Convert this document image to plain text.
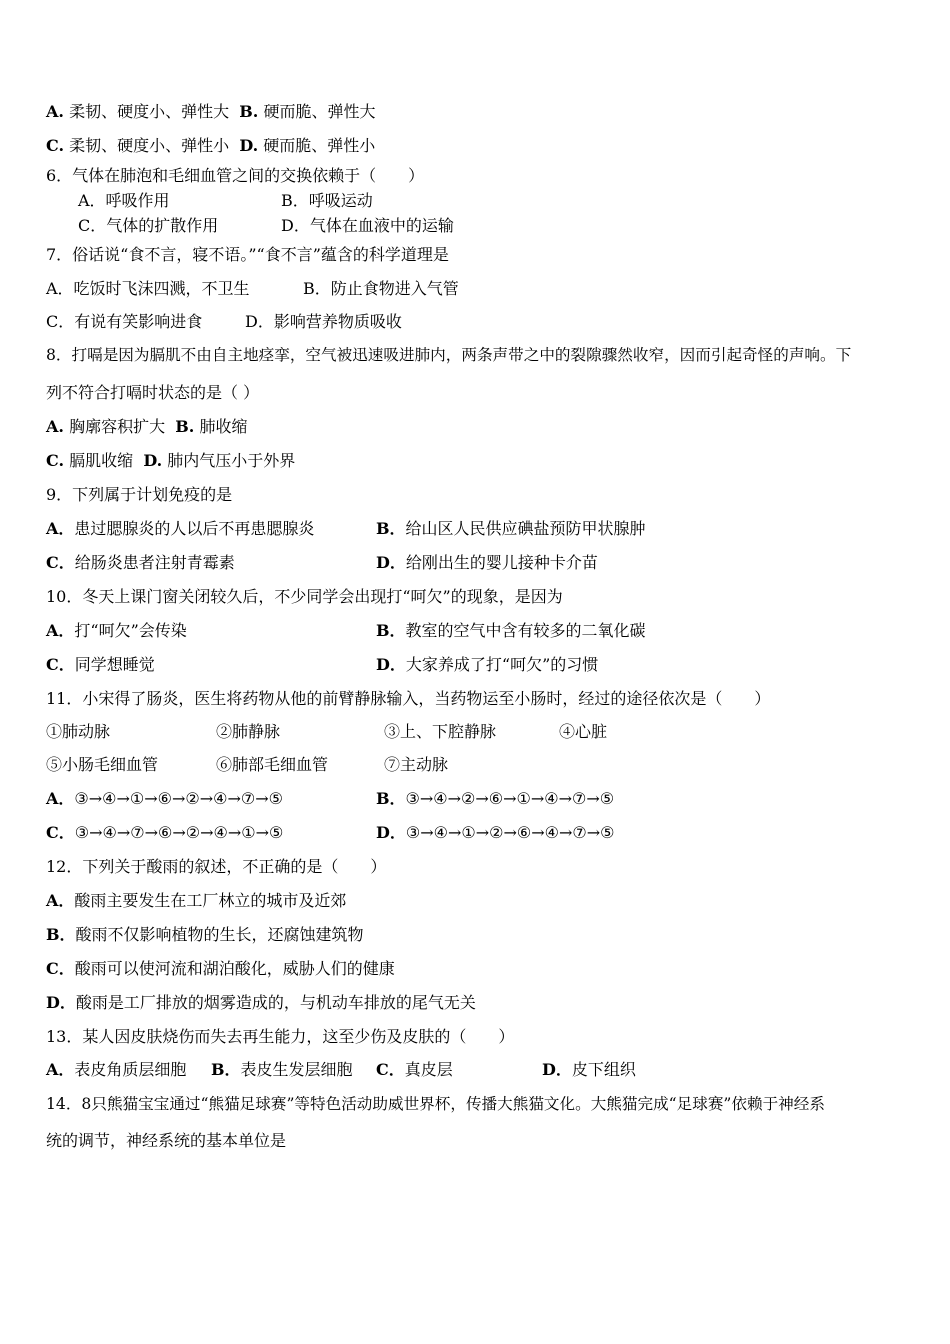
A. 柔韧、硬度小、弹性大 B. 硬而脆、弹性大
C. 柔韧、硬度小、弹性小 D. 硬而脆、弹性小
6．气体在肺泡和毛细血管之间的交换依赖于（　　）
A．呼吸作用	B．呼吸运动
C．气体的扩散作用	D．气体在血液中的运输
7．俗话说“食不言，寝不语。”“食不言”蕴含的科学道理是
A．吃饭时飞沫四溅，不卫生	B．防止食物进入气管
C．有说有笑影响进食	D．影响营养物质吸收
8．打嗝是因为膈肌不由自主地痉挛，空气被迅速吸进肺内，两条声带之中的裂隙骤然收窄，因而引起奇怪的声响。下
列不符合打嗝时状态的是（ ）
A. 胸廓容积扩大 B. 肺收缩
C. 膈肌收缩 D. 肺内气压小于外界
9．下列属于计划免疫的是
A．患过腮腺炎的人以后不再患腮腺炎	B．给山区人民供应碘盐预防甲状腺肿
C．给肠炎患者注射青霉素	D．给刚出生的婴儿接种卡介苗
10．冬天上课门窗关闭较久后，不少同学会出现打“呵欠”的现象，是因为
A．打“呵欠”会传染	B．教室的空气中含有较多的二氧化碳
C．同学想睡觉	D．大家养成了打“呵欠”的习惯
11．小宋得了肠炎，医生将药物从他的前臂静脉输入，当药物运至小肠时，经过的途径依次是（　　）
①肺动脉	②肺静脉	③上、下腔静脉	④心脏
⑤小肠毛细血管	⑥肺部毛细血管	⑦主动脉
A．③→④→①→⑥→②→④→⑦→⑤	B．③→④→②→⑥→①→④→⑦→⑤
C．③→④→⑦→⑥→②→④→①→⑤	D．③→④→①→②→⑥→④→⑦→⑤
12．下列关于酸雨的叙述，不正确的是（　　）
A．酸雨主要发生在工厂林立的城市及近郊
B．酸雨不仅影响植物的生长，还腐蚀建筑物
C．酸雨可以使河流和湖泊酸化，威胁人们的健康
D．酸雨是工厂排放的烟雾造成的，与机动车排放的尾气无关
13．某人因皮肤烧伤而失去再生能力，这至少伤及皮肤的（　　）
A．表皮角质层细胞 B．表皮生发层细胞 C．真皮层	D．皮下组织
14．8只熊猫宝宝通过“熊猫足球赛”等特色活动助威世界杯，传播大熊猫文化。大熊猫完成“足球赛”依赖于神经系
统的调节，神经系统的基本单位是
